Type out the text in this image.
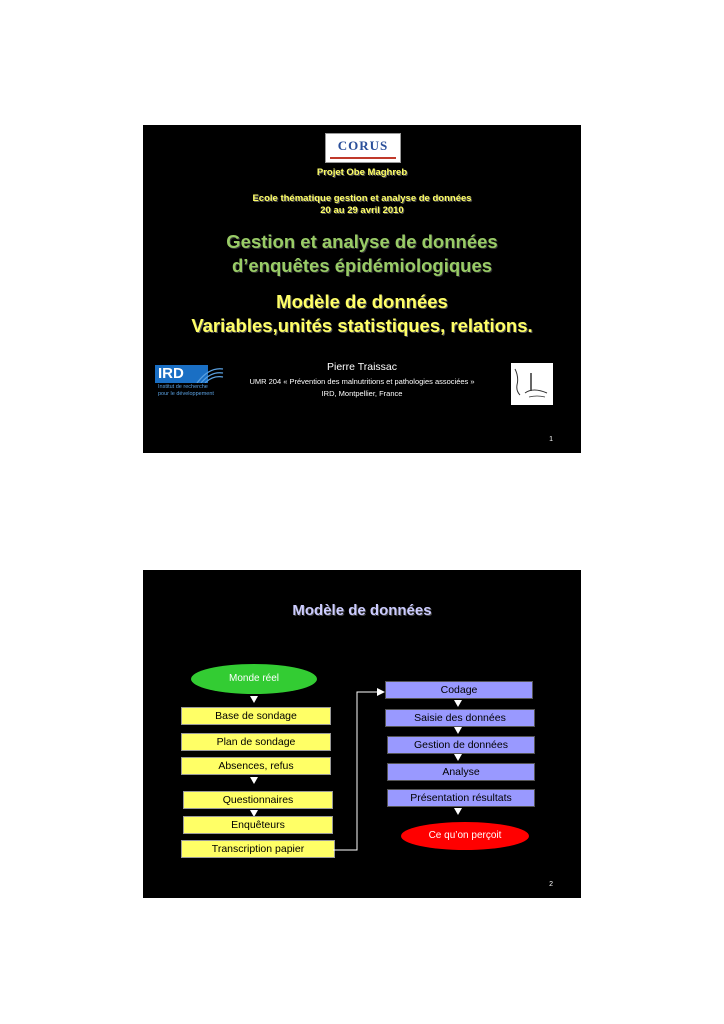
CORUS
Projet Obe Maghreb
Ecole thématique gestion et analyse de données
20 au 29 avril 2010
Gestion et analyse de données
d’enquêtes épidémiologiques
Modèle de données
Variables,unités statistiques, relations.
Pierre Traissac
UMR 204 « Prévention des malnutritions et pathologies associées »
IRD, Montpellier, France
IRD
Institut de recherche
pour le développement
1
Modèle de données
Monde réel
Base de sondage
Plan de sondage
Absences, refus
Questionnaires
Enquêteurs
Transcription papier
Codage
Saisie des données
Gestion de données
Analyse
Présentation résultats
Ce qu’on perçoit
2
